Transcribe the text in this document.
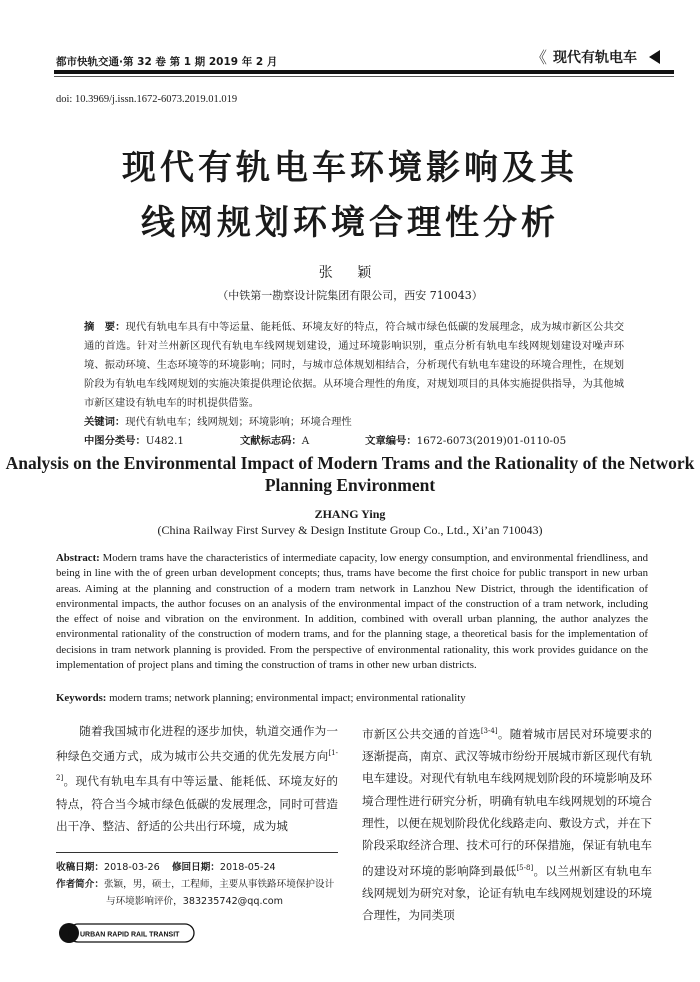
都市快轨交通·第 32 卷 第 1 期 2019 年 2 月	《 现代有轨电车
doi: 10.3969/j.issn.1672-6073.2019.01.019
现代有轨电车环境影响及其
线网规划环境合理性分析
张 颖
（中铁第一勘察设计院集团有限公司，西安 710043）
摘　要：现代有轨电车具有中等运量、能耗低、环境友好的特点，符合城市绿色低碳的发展理念，成为城市新区公共交通的首选。针对兰州新区现代有轨电车线网规划建设，通过环境影响识别，重点分析有轨电车线网规划建设对噪声环境、振动环境、生态环境等的环境影响；同时，与城市总体规划相结合，分析现代有轨电车建设的环境合理性，在规划阶段为有轨电车线网规划的实施决策提供理论依据。从环境合理性的角度，对规划项目的具体实施提供指导，为其他城市新区建设有轨电车的时机提供借鉴。
关键词：现代有轨电车；线网规划；环境影响；环境合理性
中图分类号：U482.1	文献标志码：A	文章编号：1672-6073(2019)01-0110-05
Analysis on the Environmental Impact of Modern Trams and the Rationality of the Network Planning Environment
ZHANG Ying
(China Railway First Survey & Design Institute Group Co., Ltd., Xi’an 710043)
Abstract: Modern trams have the characteristics of intermediate capacity, low energy consumption, and environmental friendliness, and being in line with the of green urban development concepts; thus, trams have become the first choice for public transport in new urban areas. Aiming at the planning and construction of a modern tram network in Lanzhou New District, through the identification of environmental impacts, the author focuses on an analysis of the environmental impact of the construction of a tram network, including the effect of noise and vibration on the environment. In addition, combined with overall urban planning, the author analyzes the environmental rationality of the construction of modern trams, and for the planning stage, a theoretical basis for the implementation of decisions in tram network planning is provided. From the perspective of environmental rationality, this work provides guidance on the implementation of project plans and timing the construction of trams in other new urban districts.
Keywords: modern trams; network planning; environmental impact; environmental rationality
随着我国城市化进程的逐步加快，轨道交通作为一种绿色交通方式，成为城市公共交通的优先发展方向[1-2]。现代有轨电车具有中等运量、能耗低、环境友好的特点，符合当今城市绿色低碳的发展理念，同时可营造出干净、整洁、舒适的公共出行环境，成为城
市新区公共交通的首选[3-4]。随着城市居民对环境要求的逐渐提高，南京、武汉等城市纷纷开展城市新区现代有轨电车建设。对现代有轨电车线网规划阶段的环境影响及环境合理性进行研究分析，明确有轨电车线网规划的环境合理性，以便在规划阶段优化线路走向、敷设方式，并在下阶段采取经济合理、技术可行的环保措施，保证有轨电车的建设对环境的影响降到最低[5-8]。以兰州新区有轨电车线网规划为研究对象，论证有轨电车线网规划建设的环境合理性，为同类项
收稿日期：2018-03-26 修回日期：2018-05-24
作者简介：张颖，男，硕士，工程师，主要从事铁路环境保护设计
与环境影响评价，383235742@qq.com
URBAN RAPID RAIL TRANSIT
